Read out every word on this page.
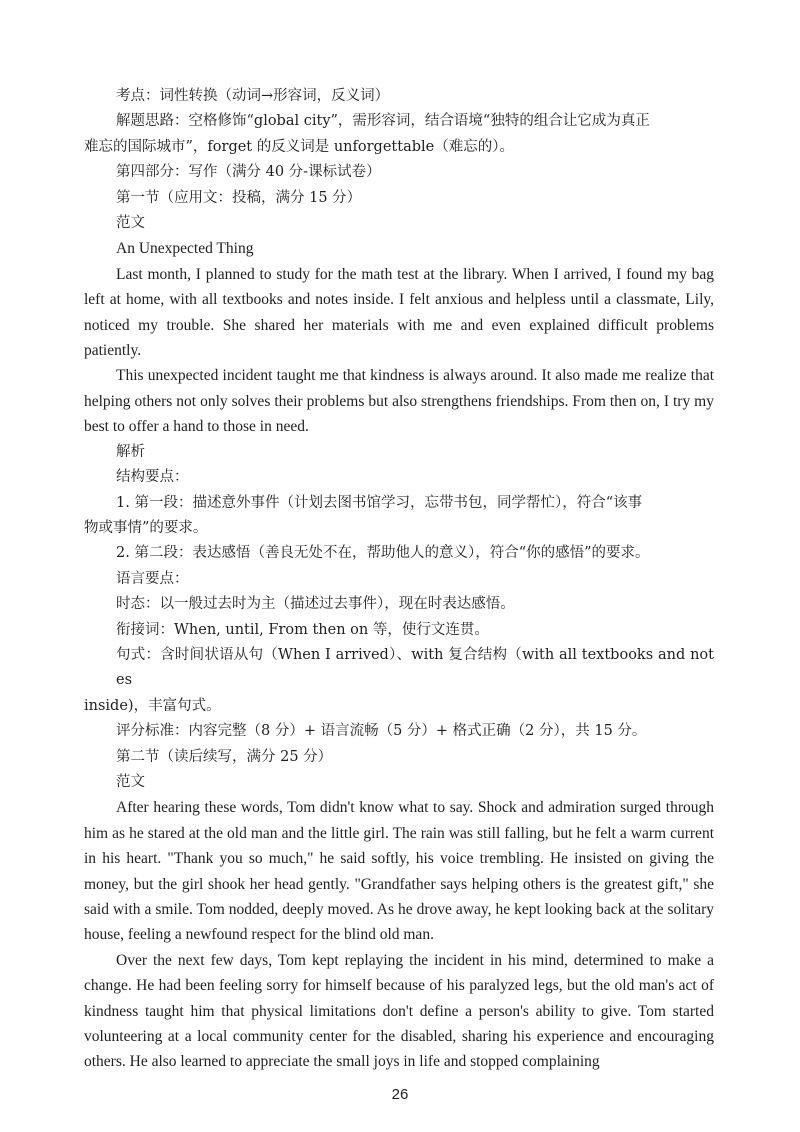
考点：词性转换（动词→形容词，反义词）

解题思路：空格修饰“global city”，需形容词，结合语境“独特的组合让它成为真正

难忘的国际城市”，forget 的反义词是 unforgettable（难忘的）。

第四部分：写作（满分 40 分-课标试卷）

第一节（应用文：投稿，满分 15 分）

范文

An Unexpected Thing

Last month, I planned to study for the math test at the library. When I arrived, I found my bag left at home, with all textbooks and notes inside. I felt anxious and helpless until a classmate, Lily, noticed my trouble. She shared her materials with me and even explained difficult problems patiently.

This unexpected incident taught me that kindness is always around. It also made me realize that helping others not only solves their problems but also strengthens friendships. From then on, I try my best to offer a hand to those in need.

解析

结构要点：

1. 第一段：描述意外事件（计划去图书馆学习，忘带书包，同学帮忙），符合“该事

物或事情”的要求。

2. 第二段：表达感悟（善良无处不在，帮助他人的意义），符合“你的感悟”的要求。

语言要点：

时态：以一般过去时为主（描述过去事件），现在时表达感悟。

衔接词：When, until, From then on 等，使行文连贯。

句式：含时间状语从句（When I arrived）、with 复合结构（with all textbooks and notes

inside)，丰富句式。

评分标准：内容完整（8 分）+ 语言流畅（5 分）+ 格式正确（2 分），共 15 分。

第二节（读后续写，满分 25 分）

范文

After hearing these words, Tom didn't know what to say. Shock and admiration surged through him as he stared at the old man and the little girl. The rain was still falling, but he felt a warm current in his heart. "Thank you so much," he said softly, his voice trembling. He insisted on giving the money, but the girl shook her head gently. "Grandfather says helping others is the greatest gift," she said with a smile. Tom nodded, deeply moved. As he drove away, he kept looking back at the solitary house, feeling a newfound respect for the blind old man.

Over the next few days, Tom kept replaying the incident in his mind, determined to make a change. He had been feeling sorry for himself because of his paralyzed legs, but the old man's act of kindness taught him that physical limitations don't define a person's ability to give. Tom started volunteering at a local community center for the disabled, sharing his experience and encouraging others. He also learned to appreciate the small joys in life and stopped complaining

26
